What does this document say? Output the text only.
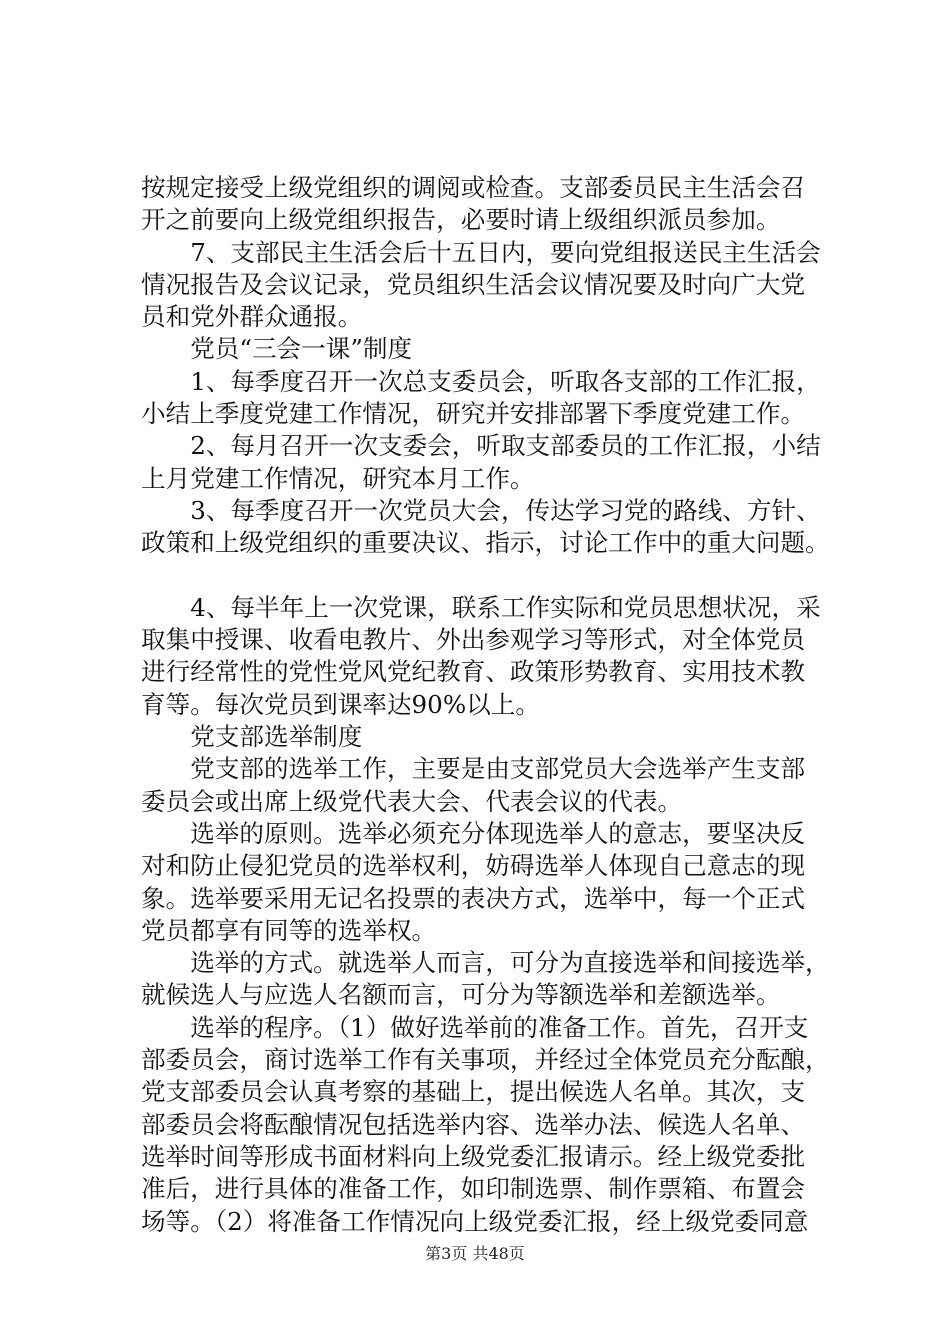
按规定接受上级党组织的调阅或检查。支部委员民主生活会召
开之前要向上级党组织报告，必要时请上级组织派员参加。
　　7、支部民主生活会后十五日内，要向党组报送民主生活会
情况报告及会议记录，党员组织生活会议情况要及时向广大党
员和党外群众通报。
　　党员“三会一课”制度
　　1、每季度召开一次总支委员会，听取各支部的工作汇报，
小结上季度党建工作情况，研究并安排部署下季度党建工作。
　　2、每月召开一次支委会，听取支部委员的工作汇报，小结
上月党建工作情况，研究本月工作。
　　3、每季度召开一次党员大会，传达学习党的路线、方针、
政策和上级党组织的重要决议、指示，讨论工作中的重大问题。
　　4、每半年上一次党课，联系工作实际和党员思想状况，采
取集中授课、收看电教片、外出参观学习等形式，对全体党员
进行经常性的党性党风党纪教育、政策形势教育、实用技术教
育等。每次党员到课率达90%以上。
　　党支部选举制度
　　党支部的选举工作，主要是由支部党员大会选举产生支部
委员会或出席上级党代表大会、代表会议的代表。
　　选举的原则。选举必须充分体现选举人的意志，要坚决反
对和防止侵犯党员的选举权利，妨碍选举人体现自己意志的现
象。选举要采用无记名投票的表决方式，选举中，每一个正式
党员都享有同等的选举权。
　　选举的方式。就选举人而言，可分为直接选举和间接选举，
就候选人与应选人名额而言，可分为等额选举和差额选举。
　　选举的程序。（1）做好选举前的准备工作。首先，召开支
部委员会，商讨选举工作有关事项，并经过全体党员充分酝酿，
党支部委员会认真考察的基础上，提出候选人名单。其次，支
部委员会将酝酿情况包括选举内容、选举办法、候选人名单、
选举时间等形成书面材料向上级党委汇报请示。经上级党委批
准后，进行具体的准备工作，如印制选票、制作票箱、布置会
场等。（2）将准备工作情况向上级党委汇报，经上级党委同意
第3页 共48页
